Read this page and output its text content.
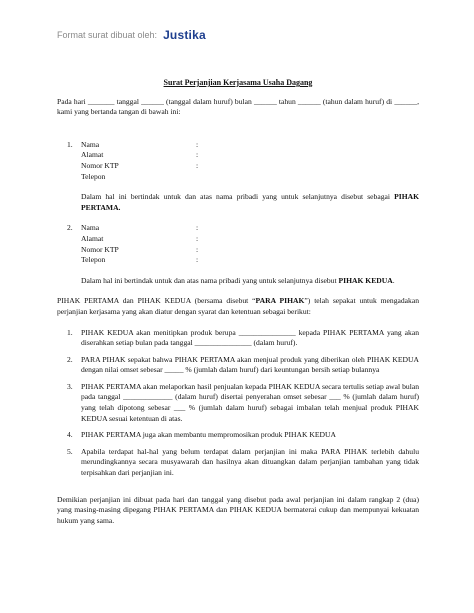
Format surat dibuat oleh: Justika

Surat Perjanjian Kerjasama Usaha Dagang

Pada hari _______ tanggal ______ (tanggal dalam huruf) bulan ______ tahun ______ (tahun dalam huruf) di ______, kami yang bertanda tangan di bawah ini:

1.	Nama	:
Alamat	:
Nomor KTP	:
Telepon

Dalam hal ini bertindak untuk dan atas nama pribadi yang untuk selanjutnya disebut sebagai PIHAK PERTAMA.

2.	Nama	:
Alamat	:
Nomor KTP	:
Telepon	:

Dalam hal ini bertindak untuk dan atas nama pribadi yang untuk selanjutnya disebut PIHAK KEDUA.

PIHAK PERTAMA dan PIHAK KEDUA (bersama disebut “PARA PIHAK”) telah sepakat untuk mengadakan perjanjian kerjasama yang akan diatur dengan syarat dan ketentuan sebagai berikut:

1.	PIHAK KEDUA akan menitipkan produk berupa _______________ kepada PIHAK PERTAMA yang akan diserahkan setiap bulan pada tanggal _______________ (dalam huruf).
2.	PARA PIHAK sepakat bahwa PIHAK PERTAMA akan menjual produk yang diberikan oleh PIHAK KEDUA dengan nilai omset sebesar _____ % (jumlah dalam huruf) dari keuntungan bersih setiap bulannya
3.	PIHAK PERTAMA akan melaporkan hasil penjualan kepada PIHAK KEDUA secara tertulis setiap awal bulan pada tanggal _____________ (dalam huruf) disertai penyerahan omset sebesar ___ % (jumlah dalam huruf) yang telah dipotong sebesar ___ % (jumlah dalam huruf) sebagai imbalan telah menjual produk PIHAK KEDUA sesuai ketentuan di atas.
4.	PIHAK PERTAMA juga akan membantu mempromosikan produk PIHAK KEDUA
5.	Apabila terdapat hal-hal yang belum terdapat dalam perjanjian ini maka PARA PIHAK terlebih dahulu merundingkannya secara musyawarah dan hasilnya akan dituangkan dalam perjanjian tambahan yang tidak terpisahkan dari perjanjian ini.

Demikian perjanjian ini dibuat pada hari dan tanggal yang disebut pada awal perjanjian ini dalam rangkap 2 (dua) yang masing-masing dipegang PIHAK PERTAMA dan PIHAK KEDUA bermaterai cukup dan mempunyai kekuatan hukum yang sama.
